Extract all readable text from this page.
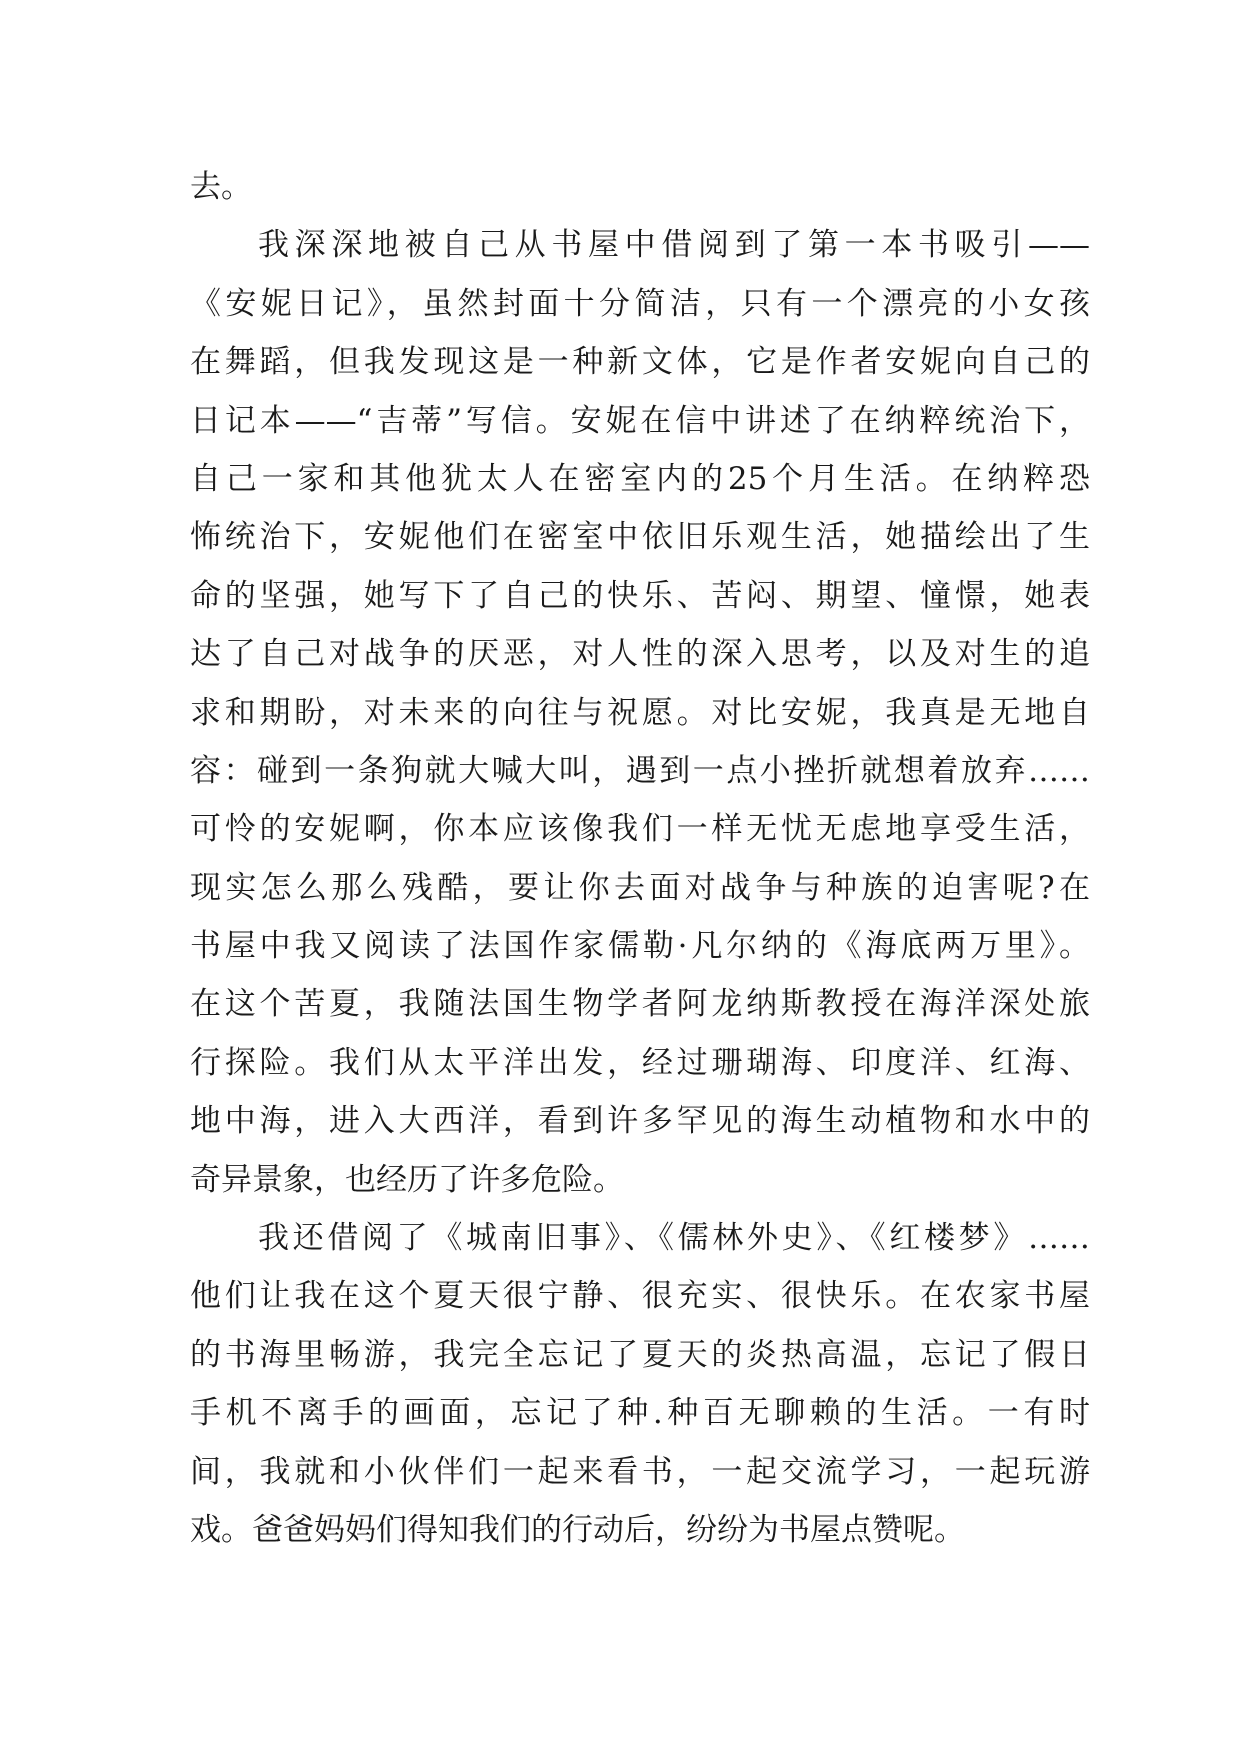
去。
我深深地被自己从书屋中借阅到了第一本书吸引——
《安妮日记》，虽然封面十分简洁，只有一个漂亮的小女孩
在舞蹈，但我发现这是一种新文体，它是作者安妮向自己的
日记本——“吉蒂”写信。安妮在信中讲述了在纳粹统治下，
自己一家和其他犹太人在密室内的25个月生活。在纳粹恐
怖统治下，安妮他们在密室中依旧乐观生活，她描绘出了生
命的坚强，她写下了自己的快乐、苦闷、期望、憧憬，她表
达了自己对战争的厌恶，对人性的深入思考，以及对生的追
求和期盼，对未来的向往与祝愿。对比安妮，我真是无地自
容：碰到一条狗就大喊大叫，遇到一点小挫折就想着放弃……
可怜的安妮啊，你本应该像我们一样无忧无虑地享受生活，
现实怎么那么残酷，要让你去面对战争与种族的迫害呢?在
书屋中我又阅读了法国作家儒勒·凡尔纳的《海底两万里》。
在这个苦夏，我随法国生物学者阿龙纳斯教授在海洋深处旅
行探险。我们从太平洋出发，经过珊瑚海、印度洋、红海、
地中海，进入大西洋，看到许多罕见的海生动植物和水中的
奇异景象，也经历了许多危险。
我还借阅了《城南旧事》、《儒林外史》、《红楼梦》……
他们让我在这个夏天很宁静、很充实、很快乐。在农家书屋
的书海里畅游，我完全忘记了夏天的炎热高温，忘记了假日
手机不离手的画面，忘记了种.种百无聊赖的生活。一有时
间，我就和小伙伴们一起来看书，一起交流学习，一起玩游
戏。爸爸妈妈们得知我们的行动后，纷纷为书屋点赞呢。
